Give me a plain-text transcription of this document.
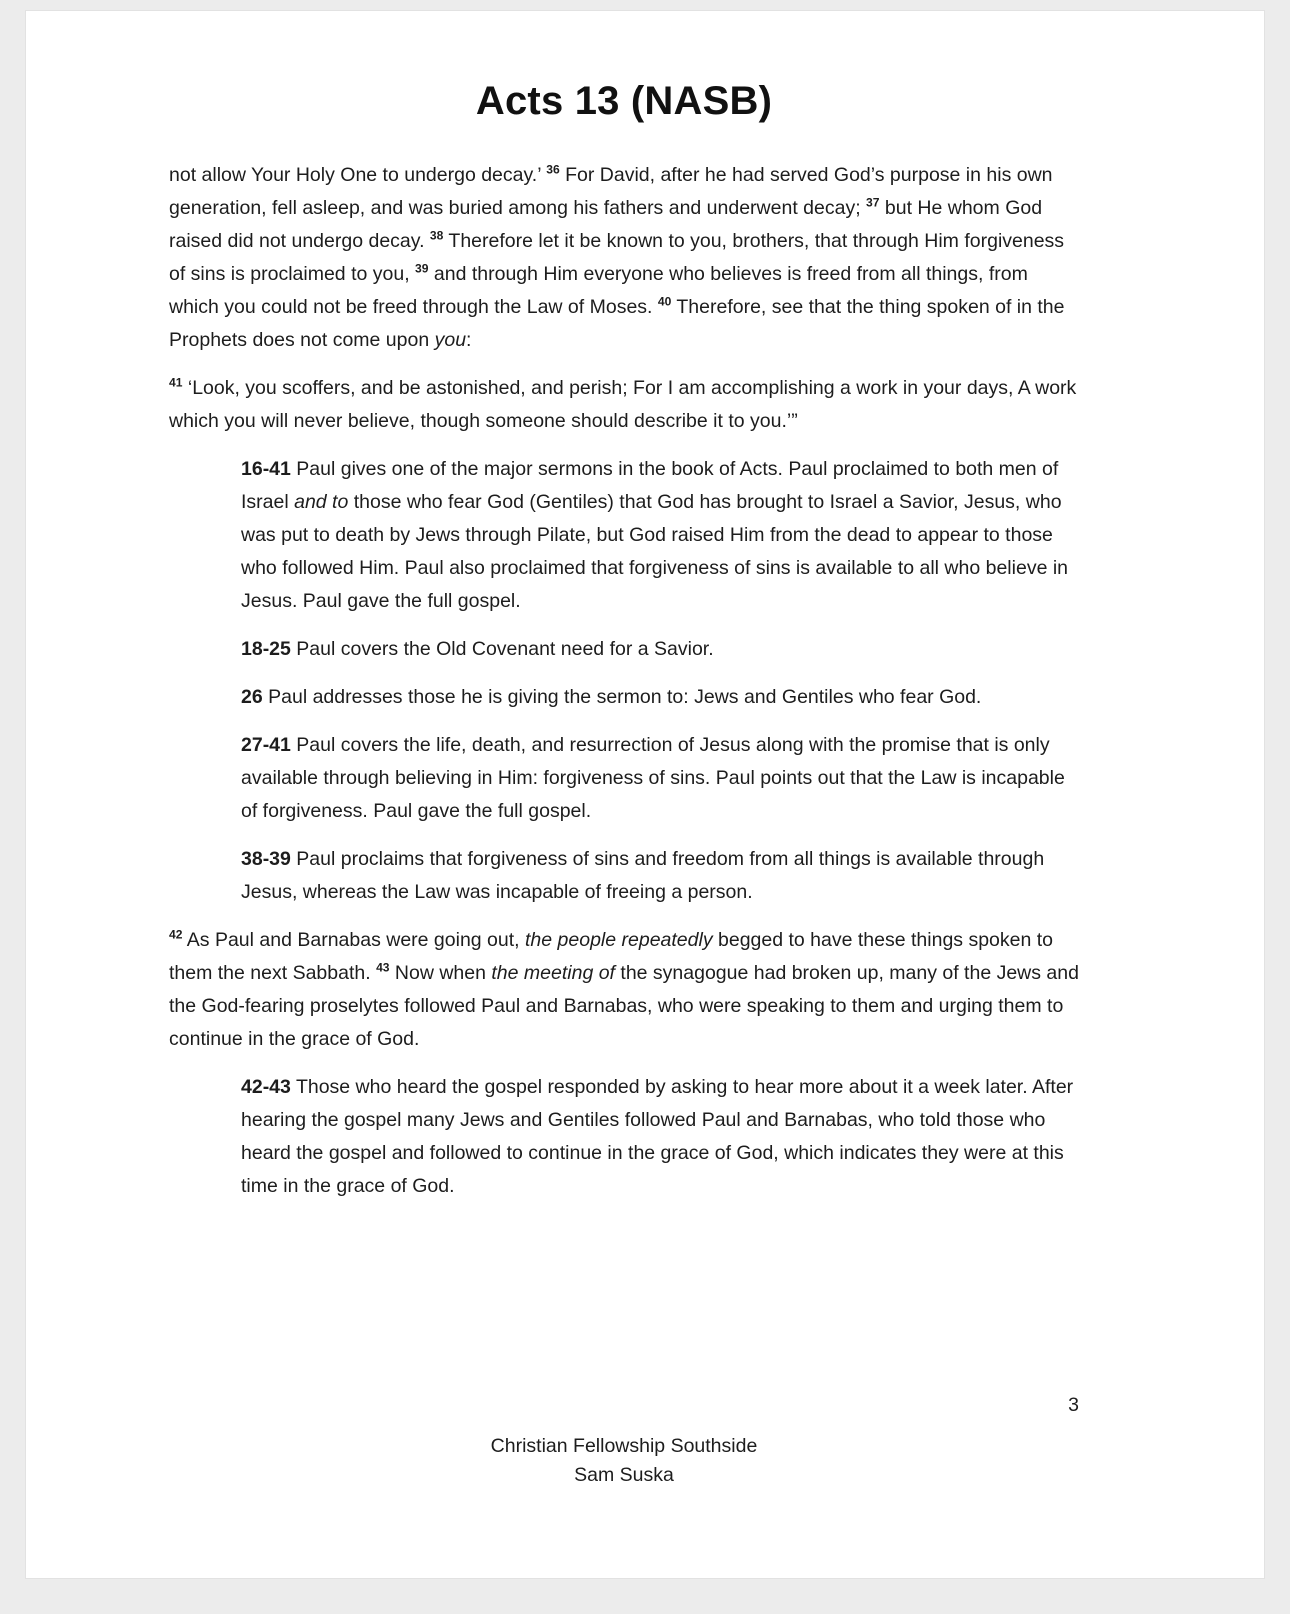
Acts 13 (NASB)

not allow Your Holy One to undergo decay.’ $^{36}$ For David, after he had served God’s purpose in his own generation, fell asleep, and was buried among his fathers and underwent decay; $^{37}$ but He whom God raised did not undergo decay. $^{38}$ Therefore let it be known to you, brothers, that through Him forgiveness of sins is proclaimed to you, $^{39}$ and through Him everyone who believes is freed from all things, from which you could not be freed through the Law of Moses. $^{40}$ Therefore, see that the thing spoken of in the Prophets does not come upon you:

$^{41}$ ‘Look, you scoffers, and be astonished, and perish; For I am accomplishing a work in your days, A work which you will never believe, though someone should describe it to you.’”

16-41 Paul gives one of the major sermons in the book of Acts. Paul proclaimed to both men of Israel and to those who fear God (Gentiles) that God has brought to Israel a Savior, Jesus, who was put to death by Jews through Pilate, but God raised Him from the dead to appear to those who followed Him. Paul also proclaimed that forgiveness of sins is available to all who believe in Jesus. Paul gave the full gospel.

18-25 Paul covers the Old Covenant need for a Savior.

26 Paul addresses those he is giving the sermon to: Jews and Gentiles who fear God.

27-41 Paul covers the life, death, and resurrection of Jesus along with the promise that is only available through believing in Him: forgiveness of sins. Paul points out that the Law is incapable of forgiveness. Paul gave the full gospel.

38-39 Paul proclaims that forgiveness of sins and freedom from all things is available through Jesus, whereas the Law was incapable of freeing a person.

$^{42}$ As Paul and Barnabas were going out, the people repeatedly begged to have these things spoken to them the next Sabbath. $^{43}$ Now when the meeting of the synagogue had broken up, many of the Jews and the God-fearing proselytes followed Paul and Barnabas, who were speaking to them and urging them to continue in the grace of God.

42-43 Those who heard the gospel responded by asking to hear more about it a week later. After hearing the gospel many Jews and Gentiles followed Paul and Barnabas, who told those who heard the gospel and followed to continue in the grace of God, which indicates they were at this time in the grace of God.

3
Christian Fellowship Southside
Sam Suska
